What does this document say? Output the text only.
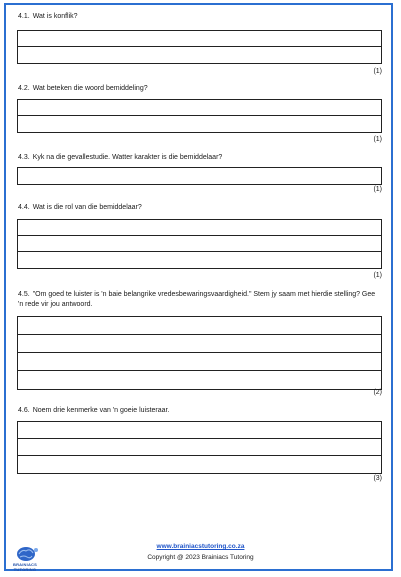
4.1. Wat is konflik?
(1)
4.2. Wat beteken die woord bemiddeling?
(1)
4.3. Kyk na die gevallestudie. Watter karakter is die bemiddelaar?
(1)
4.4. Wat is die rol van die bemiddelaar?
(1)
4.5. "Om goed te luister is 'n baie belangrike vredesbewaringsvaardigheid." Stem jy saam met hierdie stelling? Gee 'n rede vir jou antwoord.
(2)
4.6. Noem drie kenmerke van 'n goeie luisteraar.
(3)
BRAINIACS TUTORING
www.brainiacstutoring.co.za
Copyright @ 2023 Brainiacs Tutoring
